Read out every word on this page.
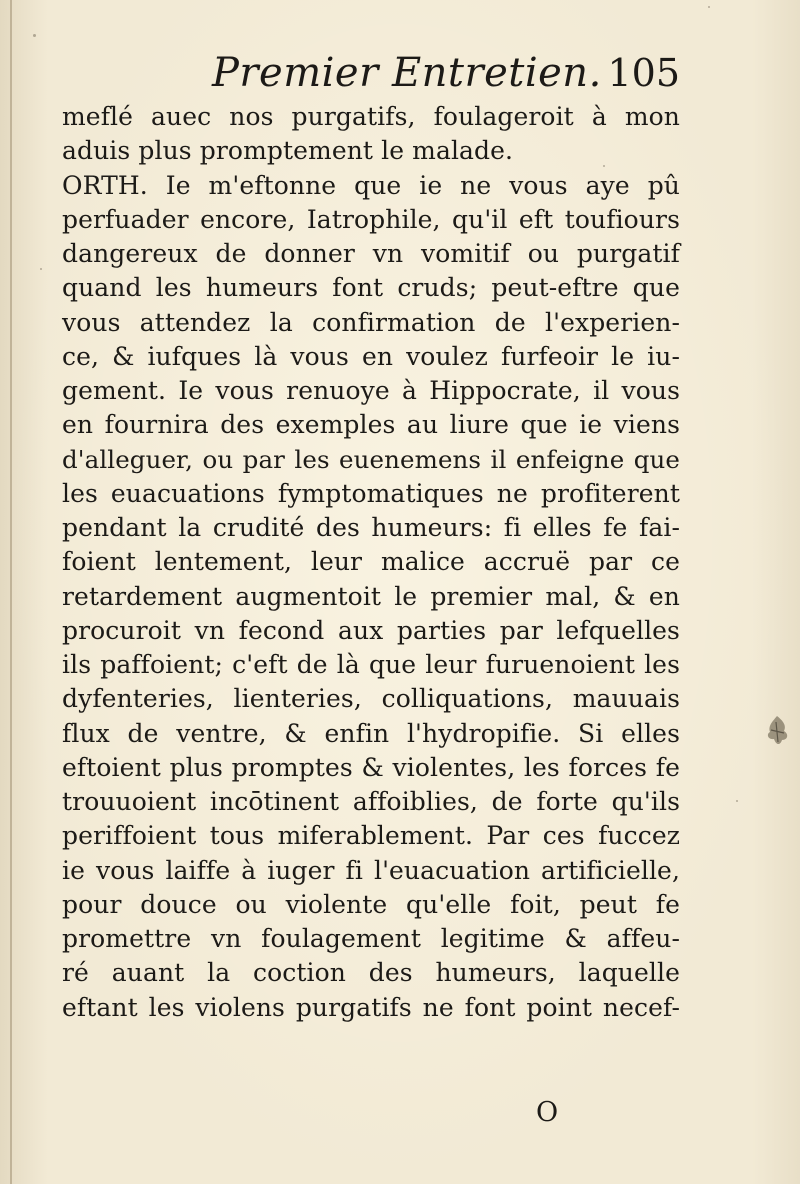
Premier Entretien. 105
meflé auec nos purgatifs, foulageroit à mon
aduis plus promptement le malade.
ORTH. Ie m'eftonne que ie ne vous aye pû
perfuader encore, Iatrophile, qu'il eft toufiours
dangereux de donner vn vomitif ou purgatif
quand les humeurs font cruds; peut-eftre que
vous attendez la confirmation de l'experien-
ce, & iufques là vous en voulez furfeoir le iu-
gement. Ie vous renuoye à Hippocrate, il vous
en fournira des exemples au liure que ie viens
d'alleguer, ou par les euenemens il enfeigne que
les euacuations fymptomatiques ne profiterent
pendant la crudité des humeurs: fi elles fe fai-
foient lentement, leur malice accruë par ce
retardement augmentoit le premier mal, & en
procuroit vn fecond aux parties par lefquelles
ils paffoient; c'eft de là que leur furuenoient les
dyfenteries, lienteries, colliquations, mauuais
flux de ventre, & enfin l'hydropifie. Si elles
eftoient plus promptes & violentes, les forces fe
trouuoient incōtinent affoiblies, de forte qu'ils
periffoient tous miferablement. Par ces fuccez
ie vous laiffe à iuger fi l'euacuation artificielle,
pour douce ou violente qu'elle foit, peut fe
promettre vn foulagement legitime & affeu-
ré auant la coction des humeurs, laquelle
eftant les violens purgatifs ne font point necef-
O
